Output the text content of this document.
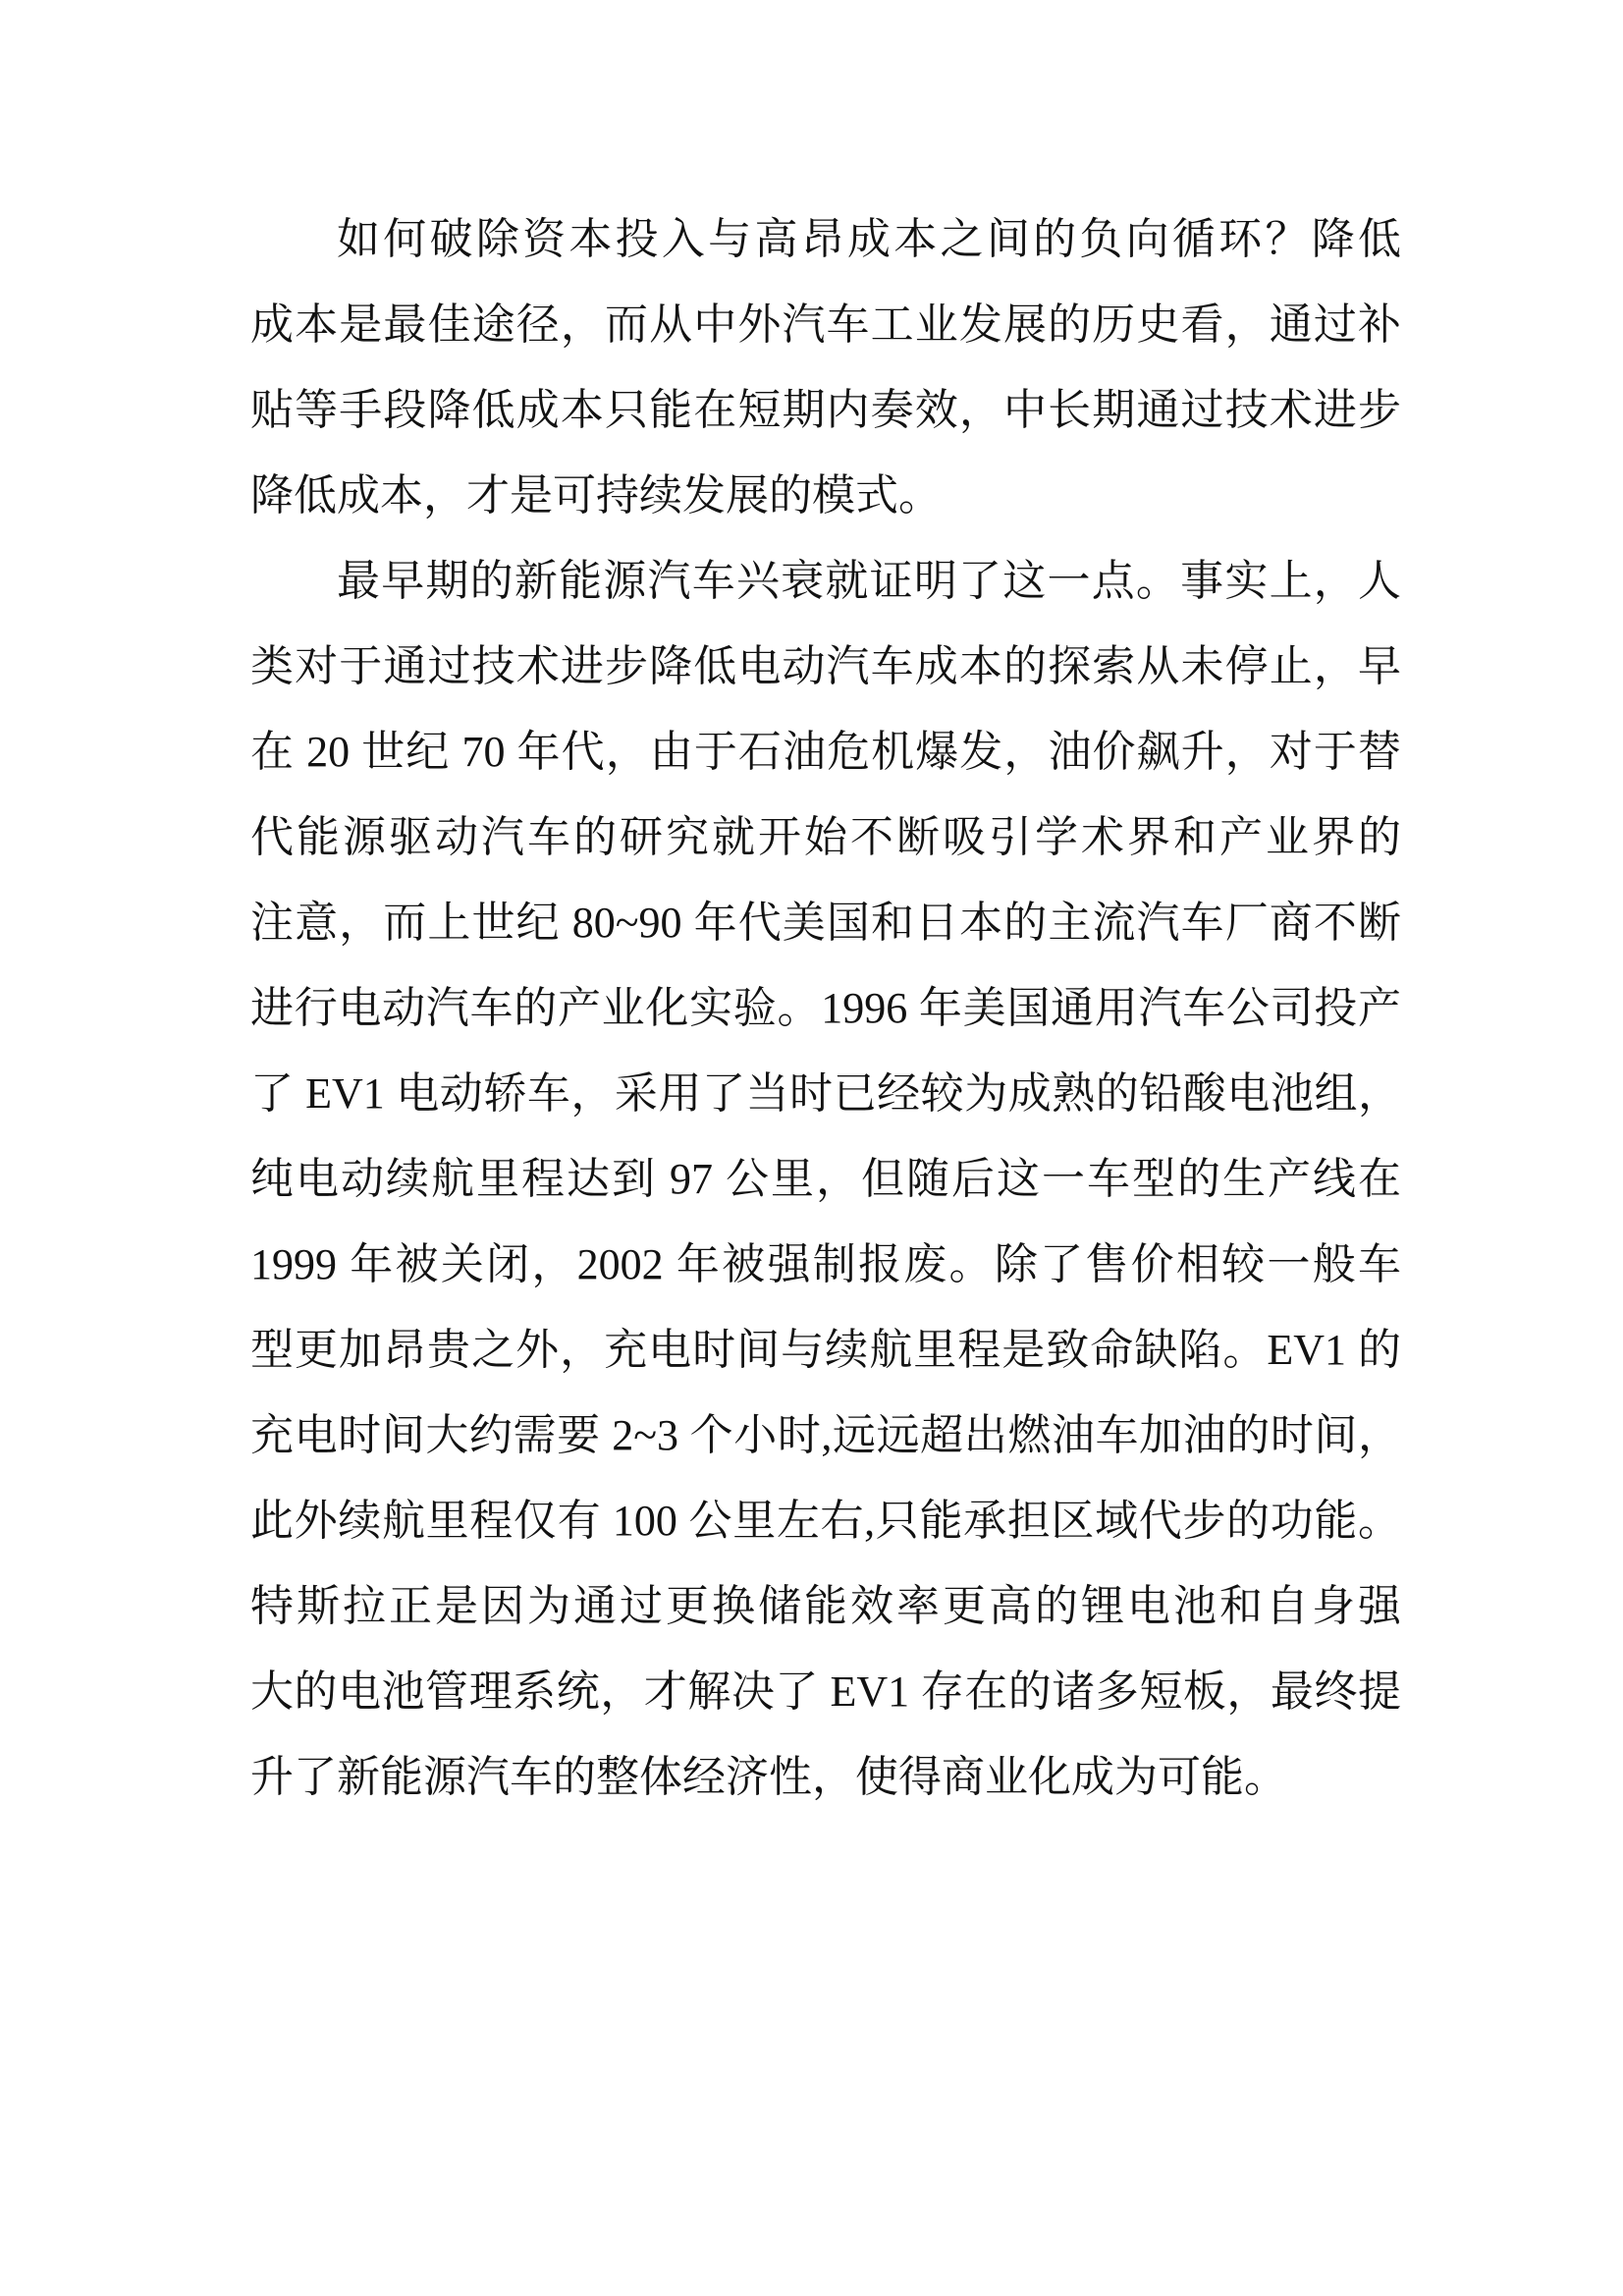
如何破除资本投入与高昂成本之间的负向循环？降低
成本是最佳途径，而从中外汽车工业发展的历史看，通过补
贴等手段降低成本只能在短期内奏效，中长期通过技术进步
降低成本，才是可持续发展的模式。
最早期的新能源汽车兴衰就证明了这一点。事实上，人
类对于通过技术进步降低电动汽车成本的探索从未停止，早
在 20 世纪 70 年代，由于石油危机爆发，油价飙升，对于替
代能源驱动汽车的研究就开始不断吸引学术界和产业界的
注意，而上世纪 80~90 年代美国和日本的主流汽车厂商不断
进行电动汽车的产业化实验。1996 年美国通用汽车公司投产
了 EV1 电动轿车，采用了当时已经较为成熟的铅酸电池组，
纯电动续航里程达到 97 公里，但随后这一车型的生产线在
1999 年被关闭，2002 年被强制报废。除了售价相较一般车
型更加昂贵之外，充电时间与续航里程是致命缺陷。EV1 的
充电时间大约需要 2~3 个小时,远远超出燃油车加油的时间，
此外续航里程仅有 100 公里左右,只能承担区域代步的功能。
特斯拉正是因为通过更换储能效率更高的锂电池和自身强
大的电池管理系统，才解决了 EV1 存在的诸多短板，最终提
升了新能源汽车的整体经济性，使得商业化成为可能。
